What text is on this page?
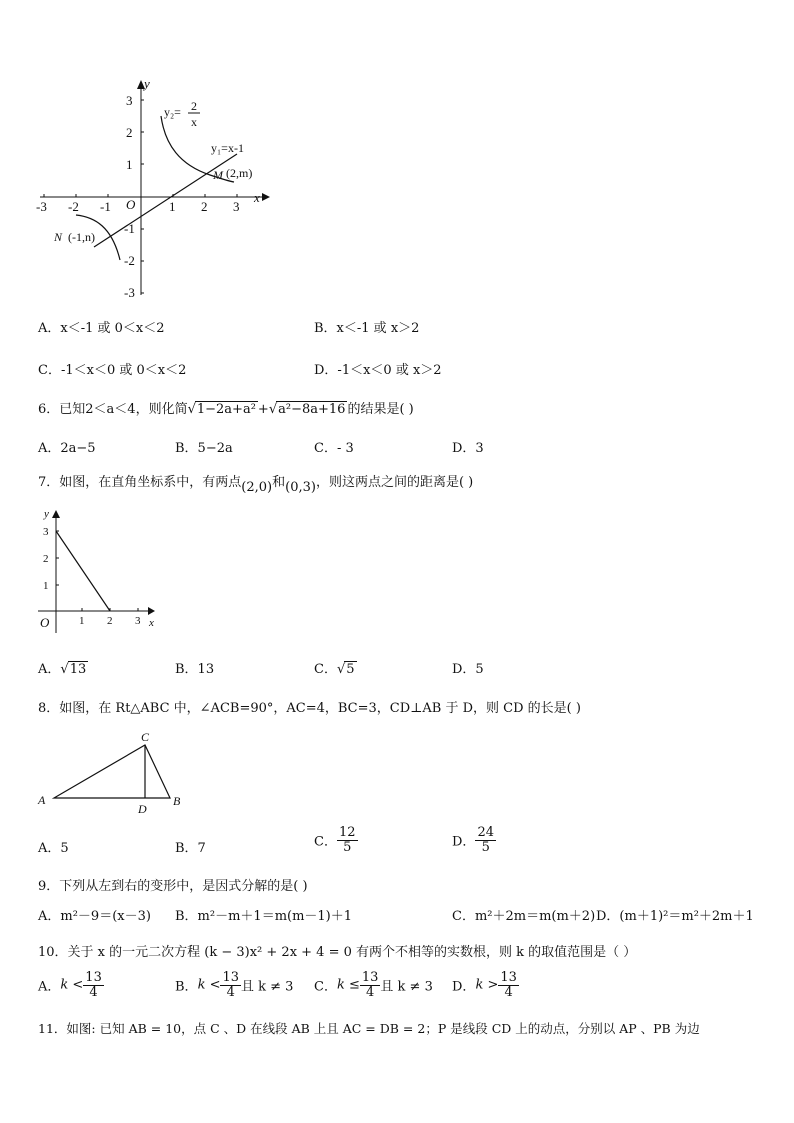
-3 -2 -1	1 2 3
3
2
1
-1
-2
-3
O	x
y
y₂= 2
x
y₁=x-1
M (2,m)
N (-1,n)
A．x＜-1 或 0＜x＜2	B．x＜-1 或 x＞2
C．-1＜x＜0 或 0＜x＜2	D．-1＜x＜0 或 x＞2
6．已知2＜a＜4，则化简√1−2a+a² +√a²−8a+16 的结果是( )
A．2a−5	B．5−2a	C．- 3	D．3
7．如图，在直角坐标系中，有两点(2,0)和(0,3)，则这两点之间的距离是( )
1 2 3
1
2
3
O	x
y
A．√13	B．13	C．√5	D．5
8．如图，在 Rt△ABC 中，∠ACB=90°，AC=4，BC=3，CD⊥AB 于 D，则 CD 的长是( )
A
C
D
B
A．5	B．7	C． $\frac{12}{5}$	D． $\frac{24}{5}$
9．下列从左到右的变形中，是因式分解的是( )
A．m²－9＝(x－3) B．m²－m＋1＝m(m－1)＋1	C．m²＋2m＝m(m＋2) D．(m＋1)²＝m²＋2m＋1
10．关于 x 的一元二次方程 (k − 3)x² + 2x + 4 = 0 有两个不相等的实数根，则 k 的取值范围是（ ）
A．$k < \frac{13}{4}$	B．$k < \frac{13}{4}$ 且 k ≠ 3 C．$k \le \frac{13}{4}$ 且 k ≠ 3 D．$k > \frac{13}{4}$
11．如图: 已知 AB = 10，点 C 、D 在线段 AB 上且 AC = DB = 2；P 是线段 CD 上的动点，分别以 AP 、PB 为边
